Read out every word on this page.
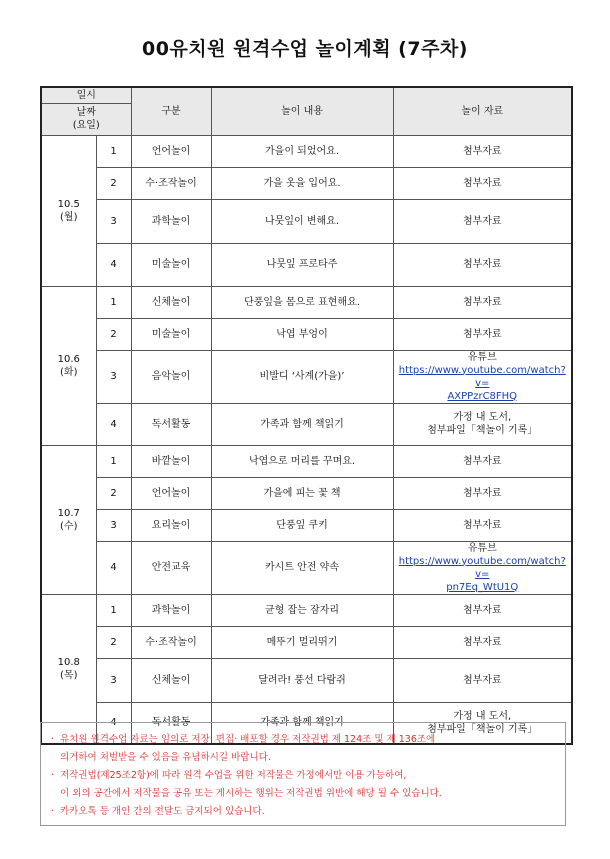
00유치원 원격수업 놀이계획 (7주차)
일시		구분	놀이 내용	놀이 자료
날짜
(요일)				
10.5
(월)	1	언어놀이	가을이 되었어요.	첨부자료

	2	수·조작놀이	가을 옷을 입어요.	첨부자료

	3	과학놀이	나뭇잎이 변해요.	첨부자료

	4	미술놀이	나뭇잎 프로타주	첨부자료

10.6
(화)	1	신체놀이	단풍잎을 몸으로 표현해요.	첨부자료

	2	미술놀이	낙엽 부엉이	첨부자료

	3	음악놀이	비발디 ‘사계(가을)’	유튜브
https://www.youtube.com/watch?v=
AXPPzrC8FHQ

	4	독서활동	가족과 함께 책읽기	가정 내 도서,
첨부파일「책놀이 기록」

10.7
(수)	1	바깥놀이	낙엽으로 머리를 꾸며요.	첨부자료

	2	언어놀이	가을에 피는 꽃 책	첨부자료

	3	요리놀이	단풍잎 쿠키	첨부자료

	4	안전교육	카시트 안전 약속	유튜브
https://www.youtube.com/watch?v=
pn7Eq_WtU1Q

10.8
(목)	1	과학놀이	균형 잡는 잠자리	첨부자료

	2	수·조작놀이	메뚜기 멀리뛰기	첨부자료

	3	신체놀이	달려라! 풍선 다람쥐	첨부자료

	4	독서활동	가족과 함께 책읽기	가정 내 도서,
첨부파일「책놀이 기록」
· 유치원 원격수업 자료는 임의로 저장· 편집· 배포할 경우 저작권법 제 124조 및 제 136조에
의거하여 처벌받을 수 있음을 유념하시길 바랍니다.
· 저작권법(제25조2항)에 따라 원격 수업을 위한 저작물은 가정에서만 이용 가능하여,
이 외의 공간에서 저작물을 공유 또는 게시하는 행위는 저작권법 위반에 해당 될 수 있습니다.
· 카카오톡 등 개인 간의 전달도 금지되어 있습니다.
